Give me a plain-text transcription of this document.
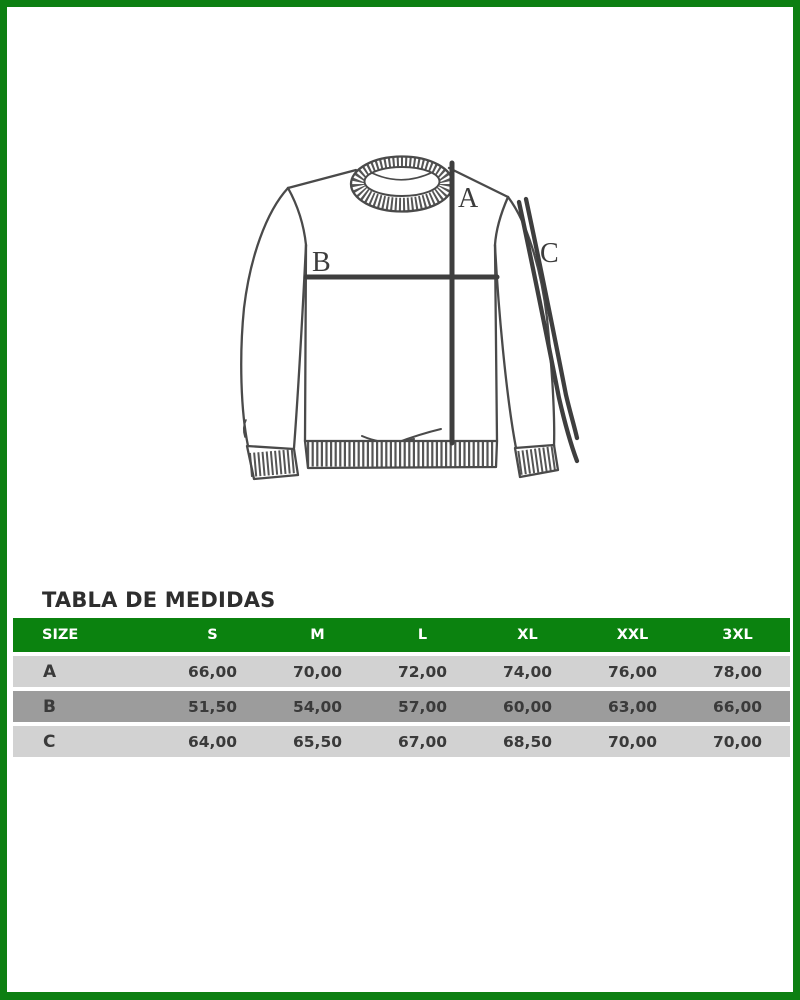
A
B	C
TABLA DE MEDIDAS
SIZE	S	M	L	XL	XXL	3XL
A	66,00	70,00	72,00	74,00	76,00	78,00
B	51,50	54,00	57,00	60,00	63,00	66,00
C	64,00	65,50	67,00	68,50	70,00	70,00
